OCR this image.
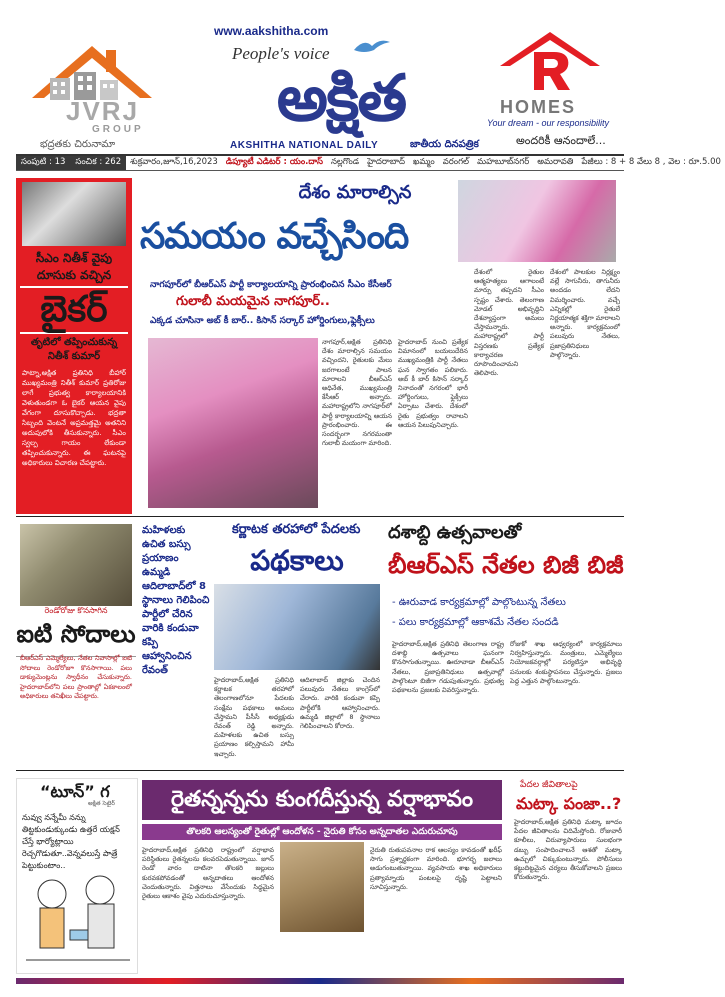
JVRJ
GROUP
భద్రతకు చిరునామా
www.aakshitha.com
People's voice
అక్షిత
AKSHITHA NATIONAL DAILY	జాతీయ దినపత్రిక
HOMES
Your dream - our responsibility
అందరికీ ఆనందాలే...
సంపుటి : 13	సంచిక : 262	శుక్రవారం,జూన్,16,2023 డిప్యూటీ ఎడిటర్ : యం.దాస్ నల్లగొండ హైదరాబాద్ ఖమ్మం వరంగల్ మహబూబ్‌నగర్ అమరావతి పేజీలు : 8 + 8 వేలు 8 , వెల : రూ.5.00
సీఎం నితీశ్ వైపు దూసుకు వచ్చిన
బైకర్
తృటిలో తప్పించుకున్న నితీశ్ కుమార్
పాట్నా,అక్షిత ప్రతినిధి బీహార్ ముఖ్యమంత్రి నితీశ్ కుమార్ ప్రతిరోజు లాగే ప్రభుత్వ కార్యాలయానికి వెళుతుండగా ఓ బైకర్ ఆయన వైపు వేగంగా దూసుకొచ్చాడు. భద్రతా సిబ్బంది వెంటనే అప్రమత్తమై అతనిని అదుపులోకి తీసుకున్నారు. సీఎం స్వల్ప గాయం లేకుండా తప్పించుకున్నారు. ఈ ఘటనపై అధికారులు విచారణ చేపట్టారు.
దేశం మారాల్సిన
సమయం వచ్చేసింది
నాగపూర్‌లో బీఆర్ఎస్ పార్టీ కార్యాలయాన్ని ప్రారంభించిన సీఎం కేసీఆర్
గులాబీ మయమైన నాగపూర్..
ఎక్కడ చూసినా అబ్ కీ బార్.. కిసాన్ సర్కార్ హోర్డింగులు,ఫ్లెక్సీలు
నాగపూర్,అక్షిత ప్రతినిధి దేశం మారాల్సిన సమయం వచ్చిందని, రైతులకు మేలు జరగాలంటే పాలన మారాలని బీఆర్ఎస్ అధినేత, ముఖ్యమంత్రి కేసీఆర్ అన్నారు. మహారాష్ట్రలోని నాగపూర్‌లో పార్టీ కార్యాలయాన్ని ఆయన ప్రారంభించారు. ఈ సందర్భంగా నగరమంతా గులాబీ మయంగా మారింది.
హైదరాబాద్ నుంచి ప్రత్యేక విమానంలో బయలుదేరిన ముఖ్యమంత్రికి పార్టీ నేతలు ఘన స్వాగతం పలికారు. అబ్ కీ బార్ కిసాన్ సర్కార్ నినాదంతో నగరంలో భారీ హోర్డింగులు, ఫ్లెక్సీలు ఏర్పాటు చేశారు. దేశంలో రైతు ప్రభుత్వం రావాలని ఆయన పిలుపునిచ్చారు.
దేశంలో రైతుల ఆత్మహత్యలు ఆగాలంటే మార్పు తప్పదని సీఎం స్పష్టం చేశారు. తెలంగాణ మోడల్ అభివృద్ధిని దేశవ్యాప్తంగా అమలు చేస్తామన్నారు. మహారాష్ట్రలో పార్టీ విస్తరణకు ప్రత్యేక కార్యాచరణ రూపొందించామని తెలిపారు.
దేశంలో పాలకుల నిర్లక్ష్యం వల్లే సాగునీరు, తాగునీరు అందడం లేదని విమర్శించారు. వచ్చే ఎన్నికల్లో రైతులే నిర్ణయాత్మక శక్తిగా మారాలని అన్నారు. కార్యక్రమంలో పలువురు నేతలు, ప్రజాప్రతినిధులు పాల్గొన్నారు.
రెండోరోజు కొనసాగిన
ఐటి సోదాలు
బీఆర్ఎస్ ఎమ్మెల్యేలు, నేతల నివాసాల్లో ఐటి సోదాలు రెండోరోజూ కొనసాగాయి. పలు డాక్యుమెంట్లను స్వాధీనం చేసుకున్నారు. హైదరాబాద్‌లోని పలు ప్రాంతాల్లో ఏకకాలంలో అధికారులు తనిఖీలు చేపట్టారు.
మహిళలకు ఉచిత బస్సు ప్రయాణం ఉమ్మడి ఆదిలాబాద్‌లో 8 స్థానాలు గెలిపించి పార్టీలో చేరిన వారికి కండువా కప్పి ఆహ్వానించిన రేవంత్
కర్ణాటక తరహాలో పేదలకు
పథకాలు
హైదరాబాద్,అక్షిత ప్రతినిధి కర్ణాటక తరహాలో తెలంగాణలోనూ పేదలకు సంక్షేమ పథకాలు అమలు చేస్తామని పీసీసీ అధ్యక్షుడు రేవంత్ రెడ్డి అన్నారు. మహిళలకు ఉచిత బస్సు ప్రయాణం కల్పిస్తామని హామీ ఇచ్చారు.
ఆదిలాబాద్ జిల్లాకు చెందిన పలువురు నేతలు కాంగ్రెస్‌లో చేరారు. వారికి కండువా కప్పి పార్టీలోకి ఆహ్వానించారు. ఉమ్మడి జిల్లాలో 8 స్థానాలు గెలిపించాలని కోరారు.
దశాబ్ది ఉత్సవాలతో
బీఆర్ఎస్ నేతల బిజీ బిజీ
- ఊరువాడ కార్యక్రమాల్లో పాల్గొంటున్న నేతలు
- పలు కార్యక్రమాల్లో ఆకాశమే నేతల సందడి
హైదరాబాద్,అక్షిత ప్రతినిధి తెలంగాణ రాష్ట్ర దశాబ్ది ఉత్సవాలు ఘనంగా కొనసాగుతున్నాయి. ఊరూవాడా బీఆర్ఎస్ నేతలు, ప్రజాప్రతినిధులు ఉత్సవాల్లో పాల్గొంటూ బిజీగా గడుపుతున్నారు. ప్రభుత్వ పథకాలను ప్రజలకు వివరిస్తున్నారు.
రోజుకో శాఖ ఆధ్వర్యంలో కార్యక్రమాలు నిర్వహిస్తున్నారు. మంత్రులు, ఎమ్మెల్యేలు నియోజకవర్గాల్లో పర్యటిస్తూ అభివృద్ధి పనులకు శంకుస్థాపనలు చేస్తున్నారు. ప్రజలు పెద్ద ఎత్తున పాల్గొంటున్నారు.
“టూన్” గ
అక్షిత సెటైర్
నువ్వు నన్నేమీ నన్ను తిట్టకుండుక్కుండు ఉత్తరే యక్షన్ చేస్తే భార్యోట్లాయి రెచ్చగొడుతూ..వెన్నవలుస్తే పాత్రే పెట్టుకుంటాం..
రైతన్నన్నను కుంగదీస్తున్న వర్షాభావం
తొలకరి ఆలస్యంతో రైతుల్లో ఆందోళన - నైరుతి కోసం అన్నదాతల ఎదురుచూపు
హైదరాబాద్,అక్షిత ప్రతినిధి రాష్ట్రంలో వర్షాభావ పరిస్థితులు రైతన్నలను కలవరపెడుతున్నాయి. జూన్ రెండో వారం దాటినా తొలకరి జల్లులు కురవకపోవడంతో అన్నదాతలు ఆందోళన చెందుతున్నారు. విత్తనాలు వేసేందుకు సిద్ధమైన రైతులు ఆకాశం వైపు ఎదురుచూస్తున్నారు.
నైరుతి రుతుపవనాల రాక ఆలస్యం కావడంతో ఖరీఫ్ సాగు ప్రశ్నార్థకంగా మారింది. భూగర్భ జలాలు అడుగంటుతున్నాయి. వ్యవసాయ శాఖ అధికారులు ప్రత్యామ్నాయ పంటలపై దృష్టి పెట్టాలని సూచిస్తున్నారు.
పేదల జీవితాలపై
మట్కా పంజా..?
హైదరాబాద్,అక్షిత ప్రతినిధి మట్కా జూదం పేదల జీవితాలను చిదిమేస్తోంది. రోజువారీ కూలీలు, చిరువ్యాపారులు సులభంగా డబ్బు సంపాదించాలనే ఆశతో మట్కా ఉచ్చులో చిక్కుకుంటున్నారు. పోలీసులు కట్టుదిట్టమైన చర్యలు తీసుకోవాలని ప్రజలు కోరుతున్నారు.
